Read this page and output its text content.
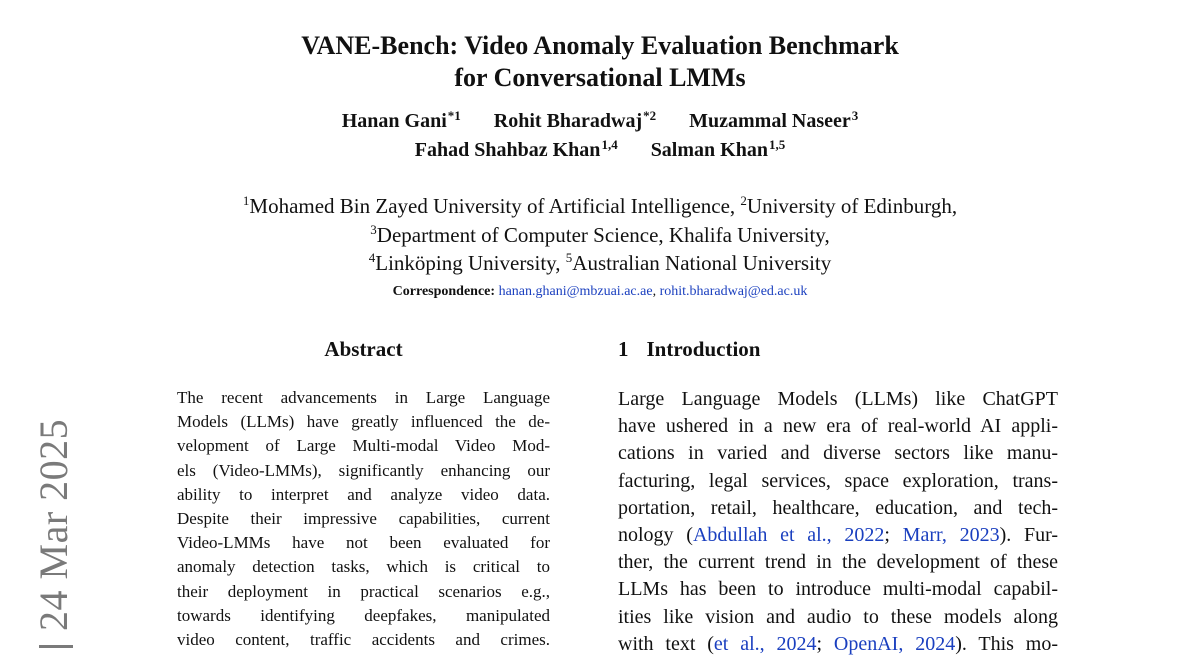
24 Mar 2025
VANE-Bench: Video Anomaly Evaluation Benchmark
for Conversational LMMs
Hanan Gani$^{*1}$ Rohit Bharadwaj$^{*2}$ Muzammal Naseer$^3$
Fahad Shahbaz Khan$^{1,4}$ Salman Khan$^{1,5}$
$^1$Mohamed Bin Zayed University of Artificial Intelligence, $^2$University of Edinburgh,
$^3$Department of Computer Science, Khalifa University,
$^4$Linköping University, $^5$Australian National University
Correspondence: hanan.ghani@mbzuai.ac.ae, rohit.bharadwaj@ed.ac.uk
Abstract
The recent advancements in Large Language
Models (LLMs) have greatly influenced the de-
velopment of Large Multi-modal Video Mod-
els (Video-LMMs), significantly enhancing our
ability to interpret and analyze video data.
Despite their impressive capabilities, current
Video-LMMs have not been evaluated for
anomaly detection tasks, which is critical to
their deployment in practical scenarios e.g.,
towards identifying deepfakes, manipulated
video content, traffic accidents and crimes.
1 Introduction
Large Language Models (LLMs) like ChatGPT
have ushered in a new era of real-world AI appli-
cations in varied and diverse sectors like manu-
facturing, legal services, space exploration, trans-
portation, retail, healthcare, education, and tech-
nology (Abdullah et al., 2022; Marr, 2023). Fur-
ther, the current trend in the development of these
LLMs has been to introduce multi-modal capabil-
ities like vision and audio to these models along
with text (et al., 2024; OpenAI, 2024). This mo-
